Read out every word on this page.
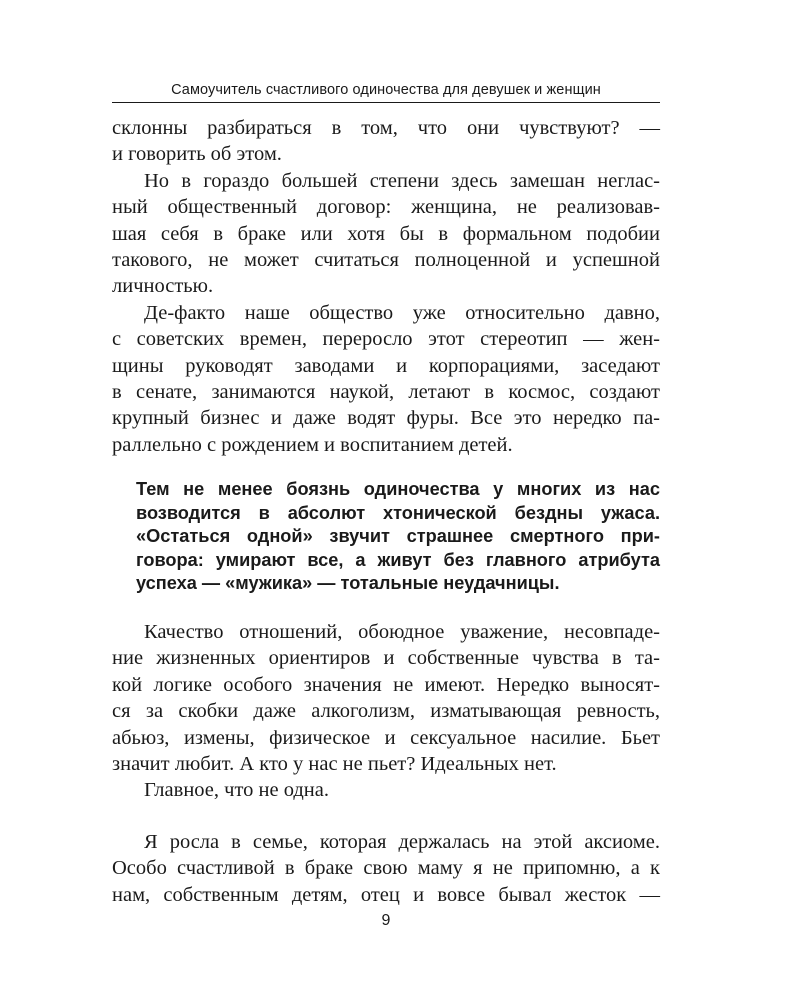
Самоучитель счастливого одиночества для девушек и женщин
склонны разбираться в том, что они чувствуют? —
и говорить об этом.
Но в гораздо большей степени здесь замешан неглас-
ный общественный договор: женщина, не реализовав-
шая себя в браке или хотя бы в формальном подобии
такового, не может считаться полноценной и успешной
личностью.
Де-факто наше общество уже относительно давно,
с советских времен, переросло этот стереотип — жен-
щины руководят заводами и корпорациями, заседают
в сенате, занимаются наукой, летают в космос, создают
крупный бизнес и даже водят фуры. Все это нередко па-
раллельно с рождением и воспитанием детей.
Тем не менее боязнь одиночества у многих из нас
возводится в абсолют хтонической бездны ужаса.
«Остаться одной» звучит страшнее смертного при-
говора: умирают все, а живут без главного атрибута
успеха — «мужика» — тотальные неудачницы.
Качество отношений, обоюдное уважение, несовпаде-
ние жизненных ориентиров и собственные чувства в та-
кой логике особого значения не имеют. Нередко выносят-
ся за скобки даже алкоголизм, изматывающая ревность,
абьюз, измены, физическое и сексуальное насилие. Бьет
значит любит. А кто у нас не пьет? Идеальных нет.
Главное, что не одна.
Я росла в семье, которая держалась на этой аксиоме.
Особо счастливой в браке свою маму я не припомню, а к
нам, собственным детям, отец и вовсе бывал жесток —
9
